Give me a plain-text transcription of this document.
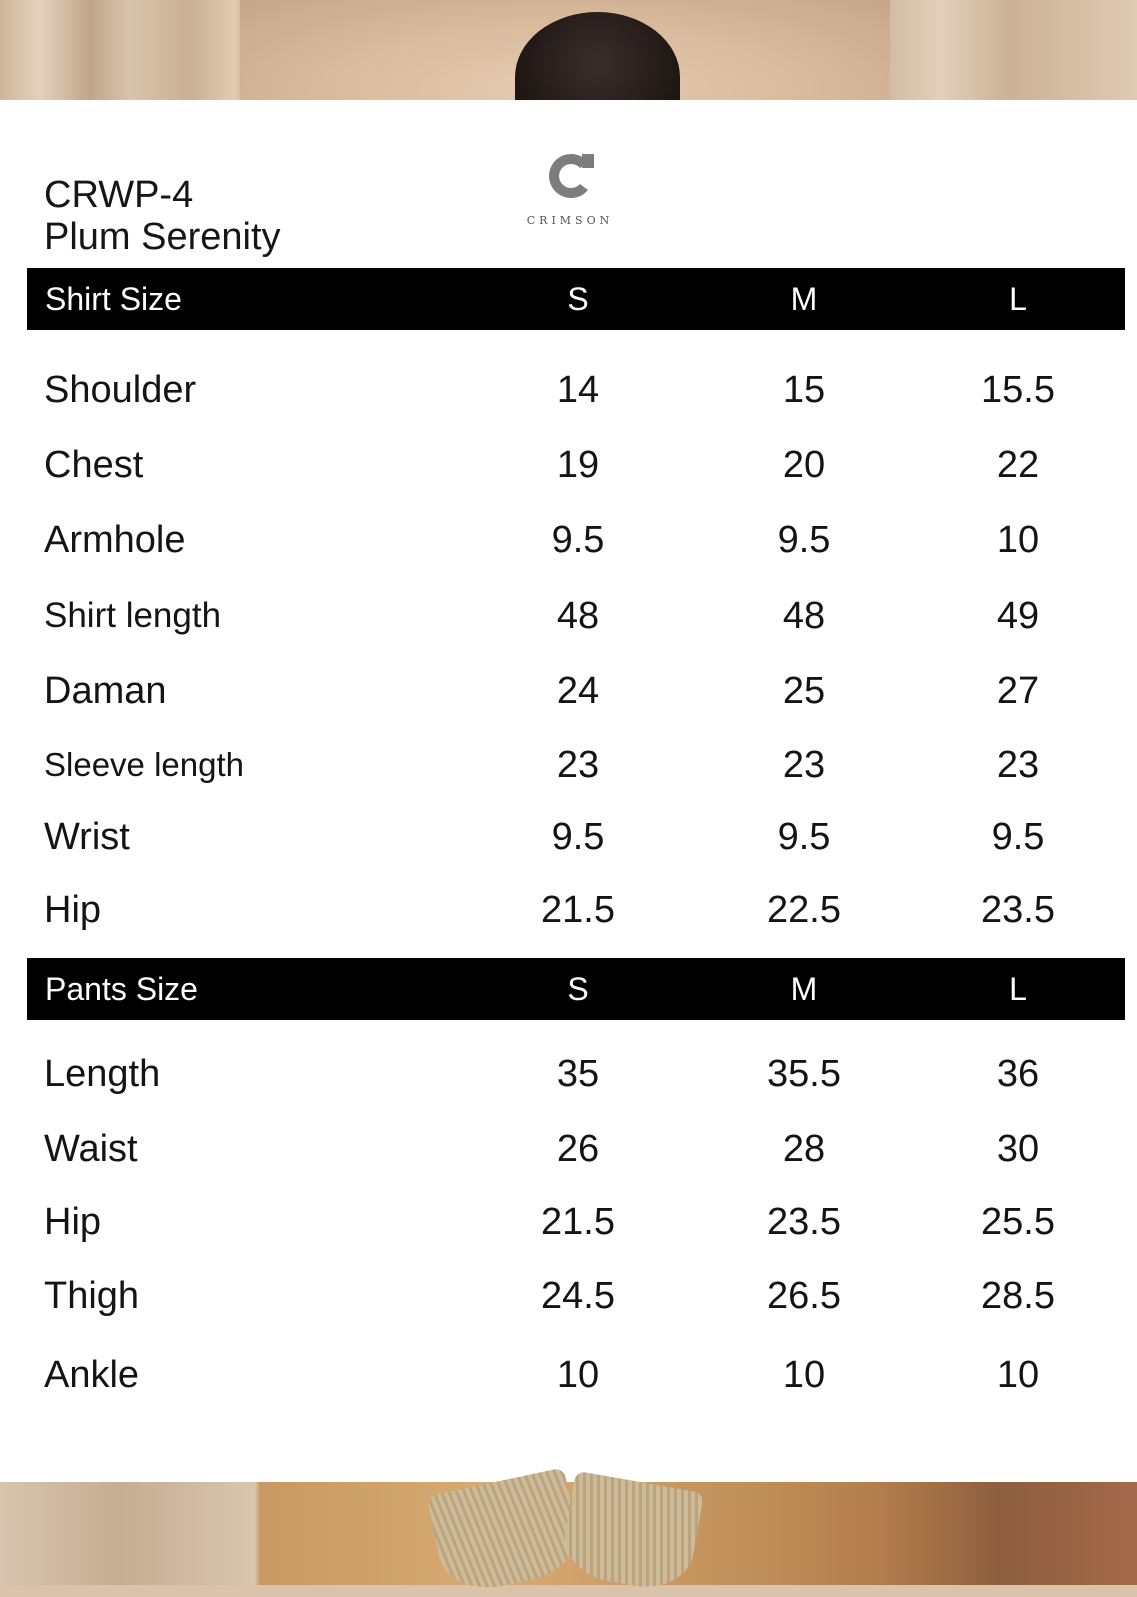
CRWP-4
Plum Serenity	CRIMSON
Shirt Size	S	M	L
Shoulder	14	15	15.5
Chest	19	20	22
Armhole	9.5	9.5	10
Shirt length	48	48	49
Daman	24	25	27
Sleeve length	23	23	23
Wrist	9.5	9.5	9.5
Hip	21.5	22.5	23.5
Pants Size	S	M	L
Length	35	35.5	36
Waist	26	28	30
Hip	21.5	23.5	25.5
Thigh	24.5	26.5	28.5
Ankle	10	10	10
